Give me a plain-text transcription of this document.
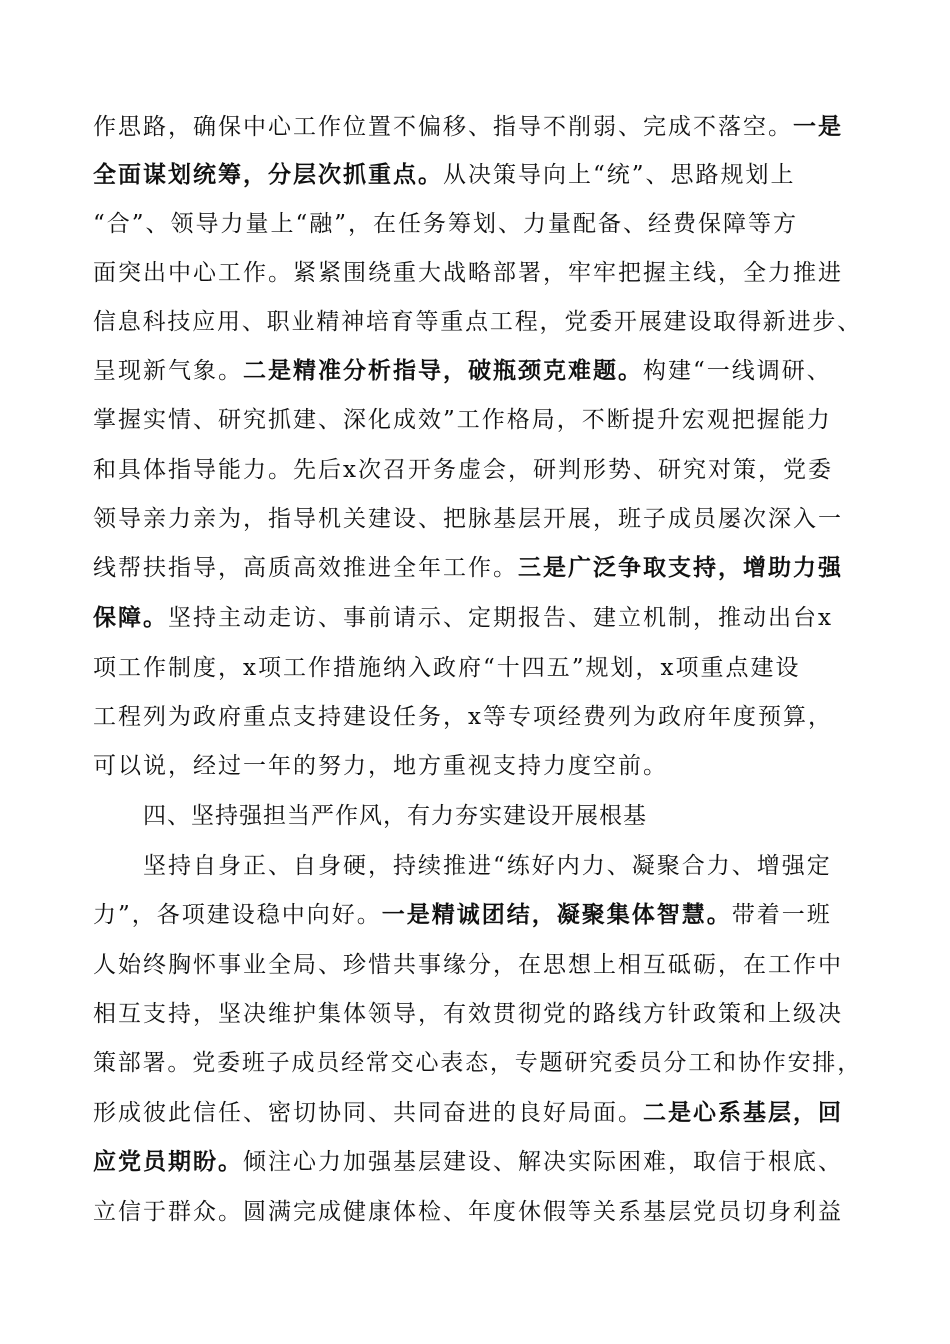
作思路，确保中心工作位置不偏移、指导不削弱、完成不落空。一是
全面谋划统筹，分层次抓重点。从决策导向上“统”、思路规划上
“合”、领导力量上“融”，在任务筹划、力量配备、经费保障等方
面突出中心工作。紧紧围绕重大战略部署，牢牢把握主线，全力推进
信息科技应用、职业精神培育等重点工程，党委开展建设取得新进步、
呈现新气象。二是精准分析指导，破瓶颈克难题。构建“一线调研、
掌握实情、研究抓建、深化成效”工作格局，不断提升宏观把握能力
和具体指导能力。先后x次召开务虚会，研判形势、研究对策，党委
领导亲力亲为，指导机关建设、把脉基层开展，班子成员屡次深入一
线帮扶指导，高质高效推进全年工作。三是广泛争取支持，增助力强
保障。坚持主动走访、事前请示、定期报告、建立机制，推动出台x
项工作制度，x项工作措施纳入政府“十四五”规划，x项重点建设
工程列为政府重点支持建设任务，x等专项经费列为政府年度预算，
可以说，经过一年的努力，地方重视支持力度空前。
四、坚持强担当严作风，有力夯实建设开展根基
坚持自身正、自身硬，持续推进“练好内力、凝聚合力、增强定
力”，各项建设稳中向好。一是精诚团结，凝聚集体智慧。带着一班
人始终胸怀事业全局、珍惜共事缘分，在思想上相互砥砺，在工作中
相互支持，坚决维护集体领导，有效贯彻党的路线方针政策和上级决
策部署。党委班子成员经常交心表态，专题研究委员分工和协作安排，
形成彼此信任、密切协同、共同奋进的良好局面。二是心系基层，回
应党员期盼。倾注心力加强基层建设、解决实际困难，取信于根底、
立信于群众。圆满完成健康体检、年度休假等关系基层党员切身利益
